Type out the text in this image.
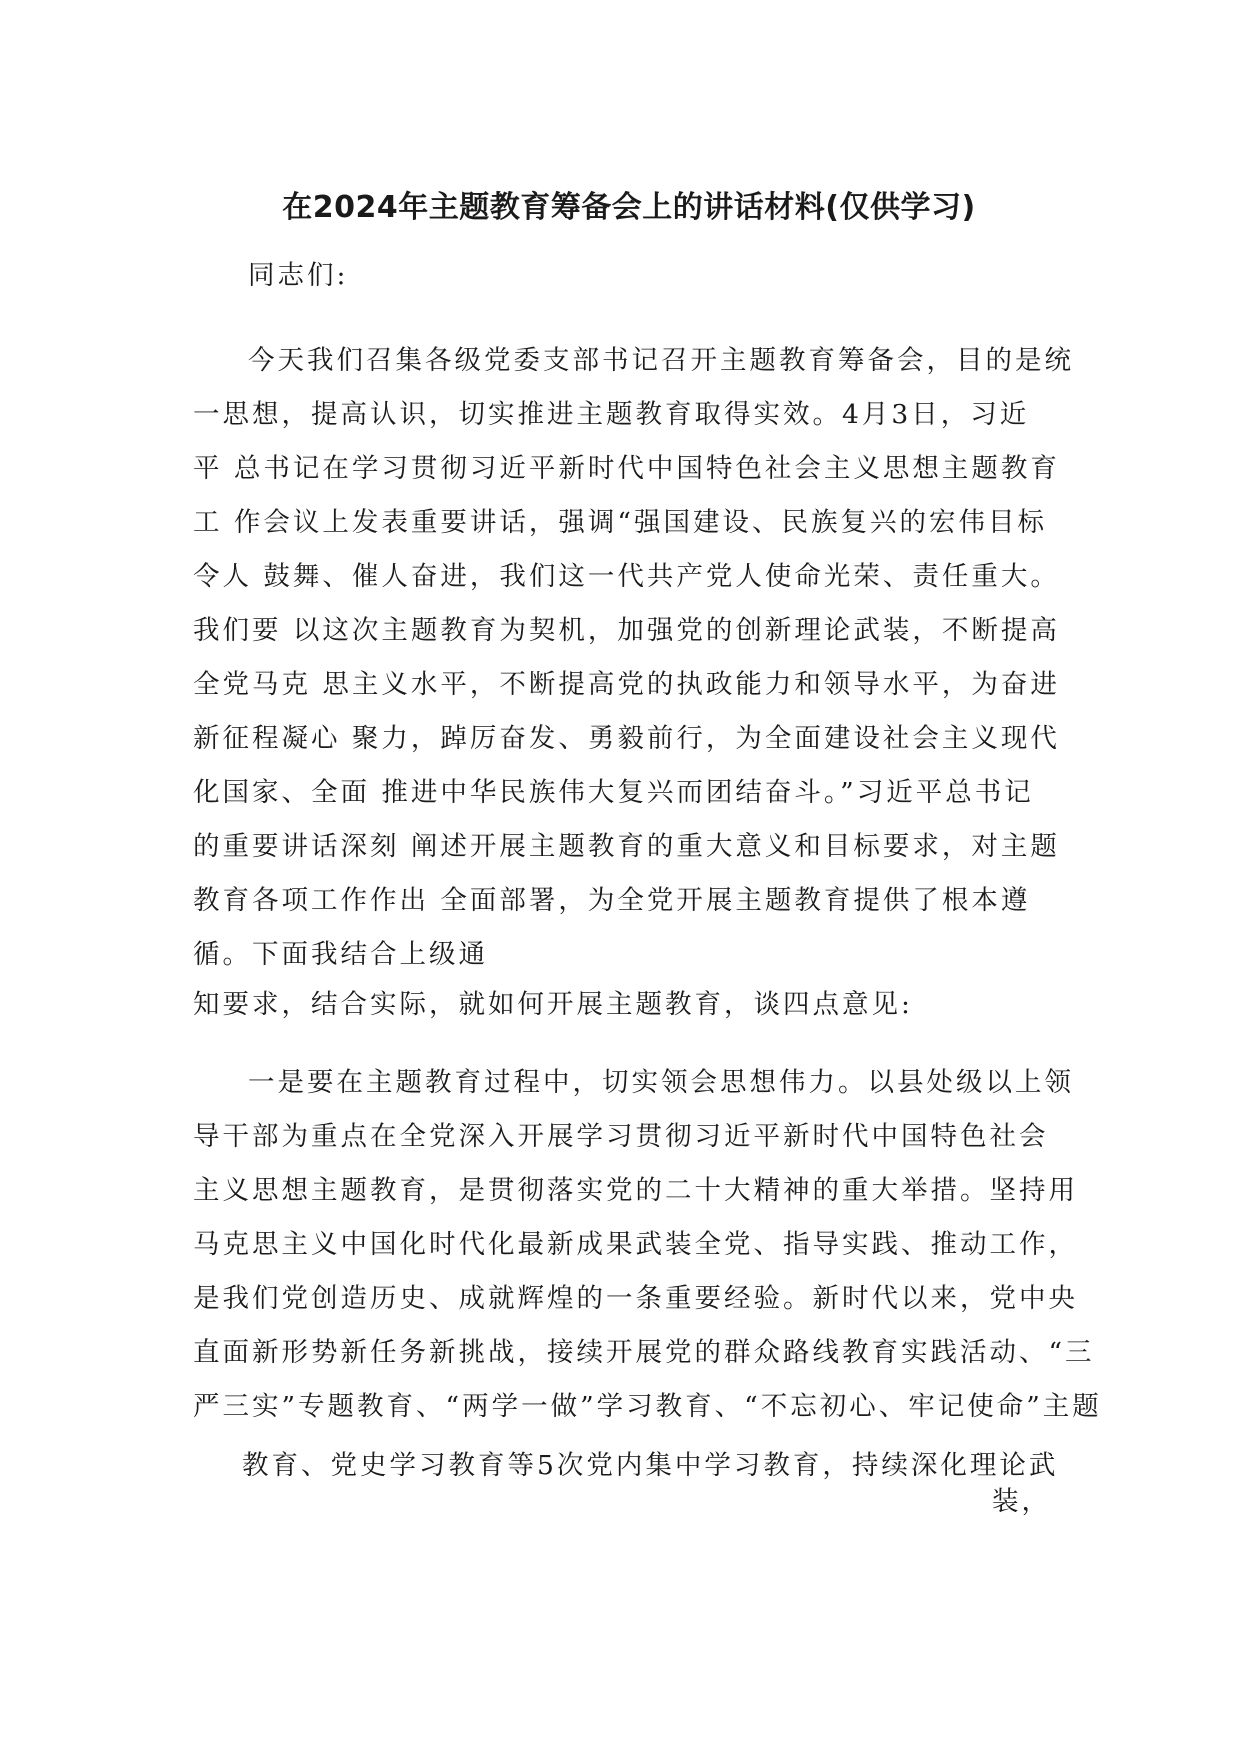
在2024年主题教育筹备会上的讲话材料(仅供学习)
同志们:
今天我们召集各级党委支部书记召开主题教育筹备会，目的是统
一思想，提高认识，切实推进主题教育取得实效。4月3日，习近
平 总书记在学习贯彻习近平新时代中国特色社会主义思想主题教育
工 作会议上发表重要讲话，强调“强国建设、民族复兴的宏伟目标
令人 鼓舞、催人奋进，我们这一代共产党人使命光荣、责任重大。
我们要 以这次主题教育为契机，加强党的创新理论武装，不断提高
全党马克 思主义水平，不断提高党的执政能力和领导水平，为奋进
新征程凝心 聚力，踔厉奋发、勇毅前行，为全面建设社会主义现代
化国家、全面 推进中华民族伟大复兴而团结奋斗。”习近平总书记
的重要讲话深刻 阐述开展主题教育的重大意义和目标要求，对主题
教育各项工作作出 全面部署，为全党开展主题教育提供了根本遵
循。下面我结合上级通
知要求，结合实际，就如何开展主题教育，谈四点意见:
一是要在主题教育过程中，切实领会思想伟力。以县处级以上领
导干部为重点在全党深入开展学习贯彻习近平新时代中国特色社会
主义思想主题教育，是贯彻落实党的二十大精神的重大举措。坚持用
马克思主义中国化时代化最新成果武装全党、指导实践、推动工作，
是我们党创造历史、成就辉煌的一条重要经验。新时代以来，党中央
直面新形势新任务新挑战，接续开展党的群众路线教育实践活动、“三
严三实”专题教育、“两学一做”学习教育、“不忘初心、牢记使命”主题
教育、党史学习教育等5次党内集中学习教育，持续深化理论武
装，
